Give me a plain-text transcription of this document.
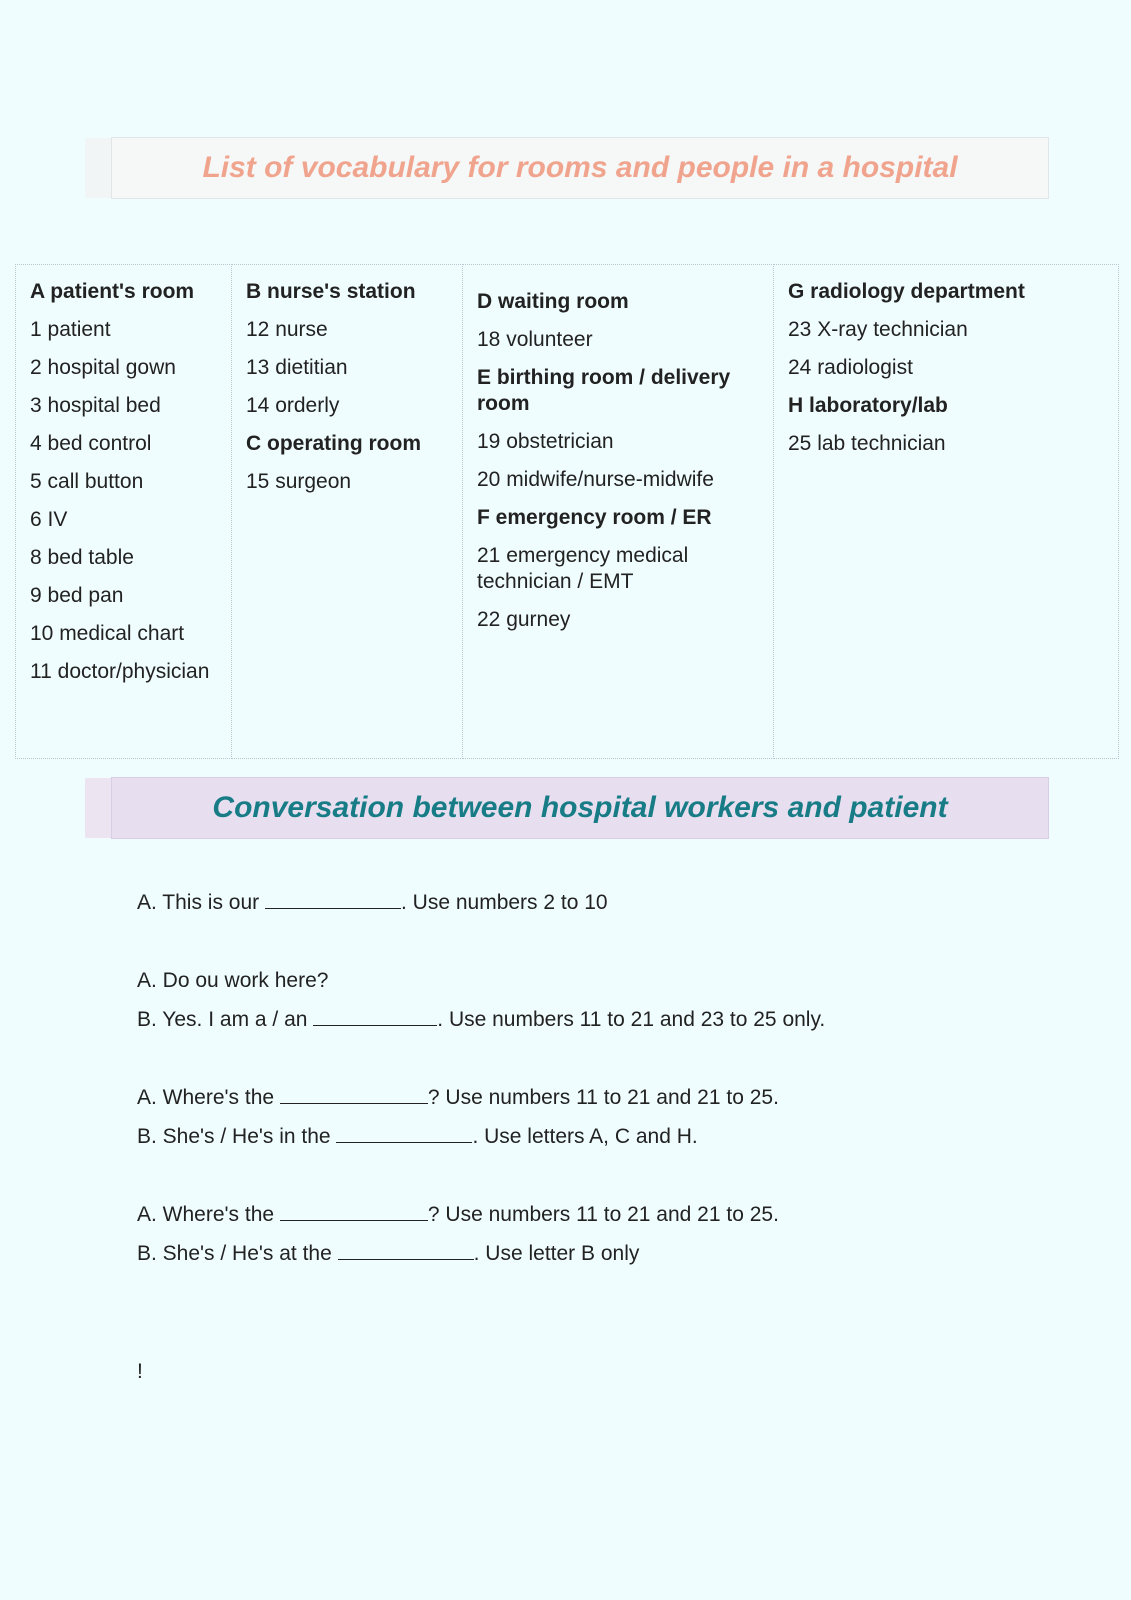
List of vocabulary for rooms and people in a hospital
A patient's room
1 patient
2 hospital gown
3 hospital bed
4 bed control
5 call button
6 IV
8 bed table
9 bed pan
10 medical chart
11 doctor/physician

B nurse's station
12 nurse
13 dietitian
14 orderly
C operating room
15 surgeon

D waiting room
18 volunteer
E birthing room / delivery room
19 obstetrician
20 midwife/nurse-midwife
F emergency room / ER
21 emergency medical technician / EMT
22 gurney

G radiology department
23 X-ray technician
24 radiologist
H laboratory/lab
25 lab technician
Conversation between hospital workers and patient
A. This is our	. Use numbers 2 to 10
A. Do ou work here?
B. Yes. I am a / an	. Use numbers 11 to 21 and 23 to 25 only.
A. Where's the	? Use numbers 11 to 21 and 21 to 25.
B. She's / He's in the	. Use letters A, C and H.
A. Where's the	? Use numbers 11 to 21 and 21 to 25.
B. She's / He's at the	. Use letter B only
!
